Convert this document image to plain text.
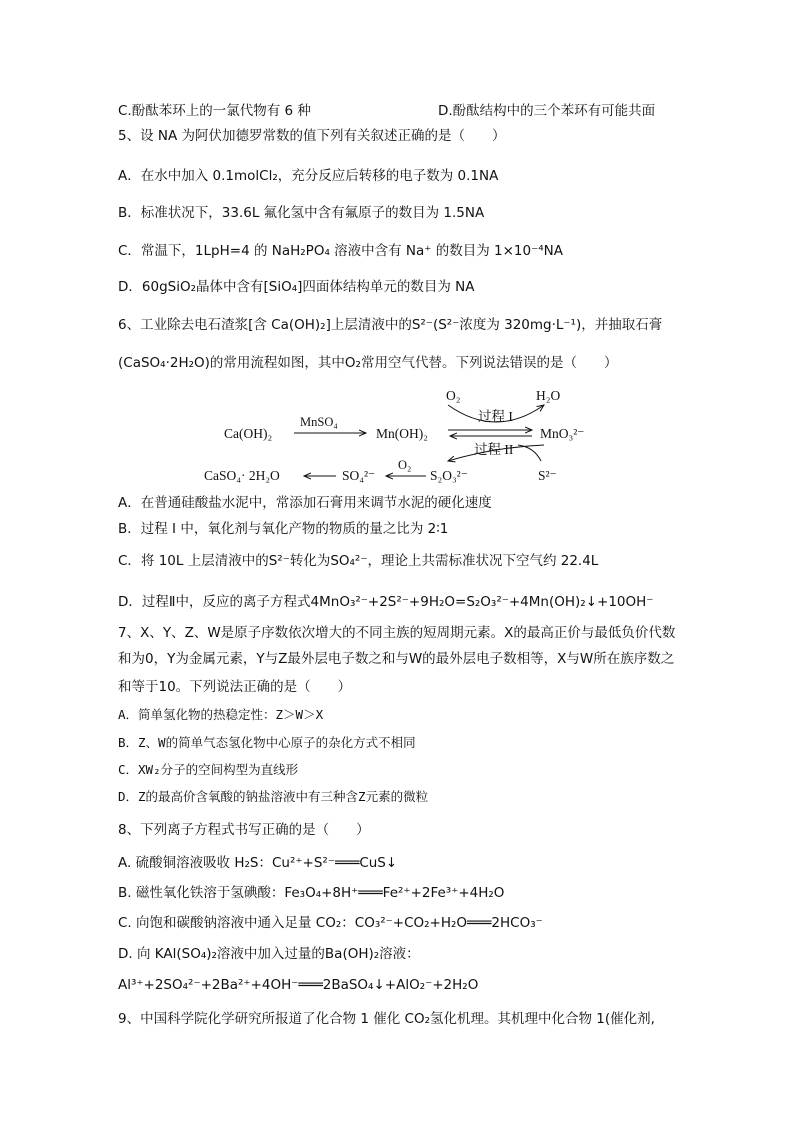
C.酚酞苯环上的一氯代物有 6 种	D.酚酞结构中的三个苯环有可能共面
5、设 NA 为阿伏加德罗常数的值下列有关叙述正确的是（　　）
A．在水中加入 0.1molCl₂，充分反应后转移的电子数为 0.1NA
B．标准状况下，33.6L 氟化氢中含有氟原子的数目为 1.5NA
C．常温下，1LpH=4 的 NaH₂PO₄ 溶液中含有 Na⁺ 的数目为 1×10⁻⁴NA
D．60gSiO₂晶体中含有[SiO₄]四面体结构单元的数目为 NA
6、工业除去电石渣浆[含 Ca(OH)₂]上层清液中的S²⁻(S²⁻浓度为 320mg·L⁻¹)，并抽取石膏
(CaSO₄·2H₂O)的常用流程如图，其中O₂常用空气代替。下列说法错误的是（　　）
O₂	H₂O
过程 I
Ca(OH)₂
MnSO₄
Mn(OH)₂	MnO₃²⁻
过程 II
CaSO₄· 2H₂O	SO₄²⁻
O₂
S₂O₃²⁻	S²⁻
A．在普通硅酸盐水泥中，常添加石膏用来调节水泥的硬化速度
B．过程 I 中，氧化剂与氧化产物的物质的量之比为 2∶1
C．将 10L 上层清液中的S²⁻转化为SO₄²⁻，理论上共需标准状况下空气约 22.4L
D．过程Ⅱ中，反应的离子方程式4MnO₃²⁻+2S²⁻+9H₂O=S₂O₃²⁻+4Mn(OH)₂↓+10OH⁻
7、X、Y、Z、W是原子序数依次增大的不同主族的短周期元素。X的最高正价与最低负价代数
和为0，Y为金属元素，Y与Z最外层电子数之和与W的最外层电子数相等，X与W所在族序数之
和等于10。下列说法正确的是（　　）
A．简单氢化物的热稳定性：Z＞W＞X
B．Z、W的简单气态氢化物中心原子的杂化方式不相同
C．XW₂分子的空间构型为直线形
D．Z的最高价含氧酸的钠盐溶液中有三种含Z元素的微粒
8、下列离子方程式书写正确的是（　　）
A. 硫酸铜溶液吸收 H₂S：Cu²⁺+S²⁻═══CuS↓
B. 磁性氧化铁溶于氢碘酸：Fe₃O₄+8H⁺═══Fe²⁺+2Fe³⁺+4H₂O
C. 向饱和碳酸钠溶液中通入足量 CO₂：CO₃²⁻+CO₂+H₂O═══2HCO₃⁻
D. 向 KAl(SO₄)₂溶液中加入过量的Ba(OH)₂溶液：
Al³⁺+2SO₄²⁻+2Ba²⁺+4OH⁻═══2BaSO₄↓+AlO₂⁻+2H₂O
9、中国科学院化学研究所报道了化合物 1 催化 CO₂氢化机理。其机理中化合物 1(催化剂,
